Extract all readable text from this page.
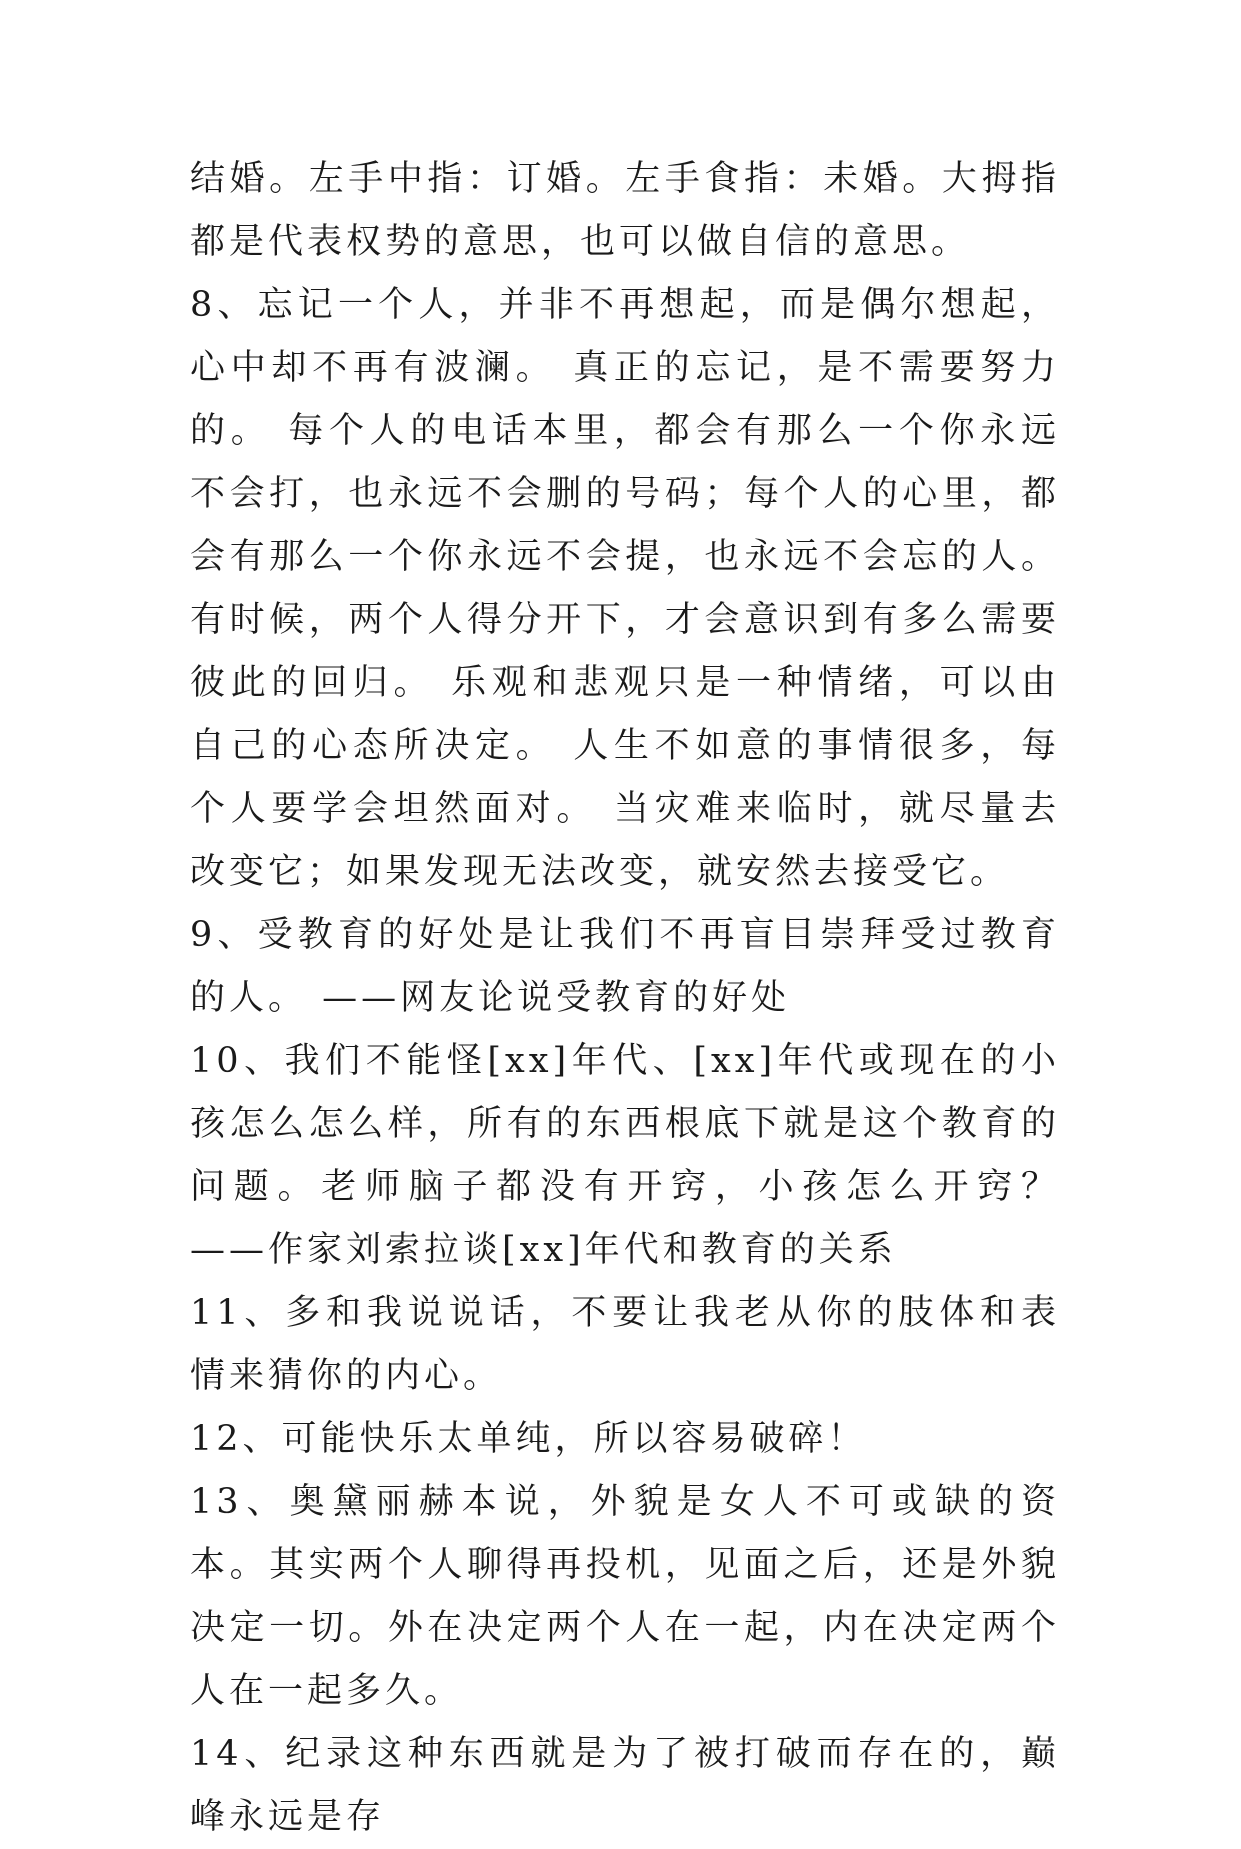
结婚。左手中指：订婚。左手食指：未婚。大拇指都是代表权势的意思，也可以做自信的意思。

8、忘记一个人，并非不再想起，而是偶尔想起，心中却不再有波澜。 真正的忘记，是不需要努力的。 每个人的电话本里，都会有那么一个你永远不会打，也永远不会删的号码；每个人的心里，都会有那么一个你永远不会提，也永远不会忘的人。 有时候，两个人得分开下，才会意识到有多么需要彼此的回归。 乐观和悲观只是一种情绪，可以由自己的心态所决定。 人生不如意的事情很多，每个人要学会坦然面对。 当灾难来临时，就尽量去改变它；如果发现无法改变，就安然去接受它。

9、受教育的好处是让我们不再盲目崇拜受过教育的人。 ——网友论说受教育的好处

10、我们不能怪[xx]年代、[xx]年代或现在的小孩怎么怎么样，所有的东西根底下就是这个教育的问题。老师脑子都没有开窍，小孩怎么开窍？ ——作家刘索拉谈[xx]年代和教育的关系

11、多和我说说话，不要让我老从你的肢体和表情来猜你的内心。

12、可能快乐太单纯，所以容易破碎！

13、奥黛丽赫本说，外貌是女人不可或缺的资本。其实两个人聊得再投机，见面之后，还是外貌决定一切。外在决定两个人在一起，内在决定两个人在一起多久。

14、纪录这种东西就是为了被打破而存在的，巅峰永远是存
